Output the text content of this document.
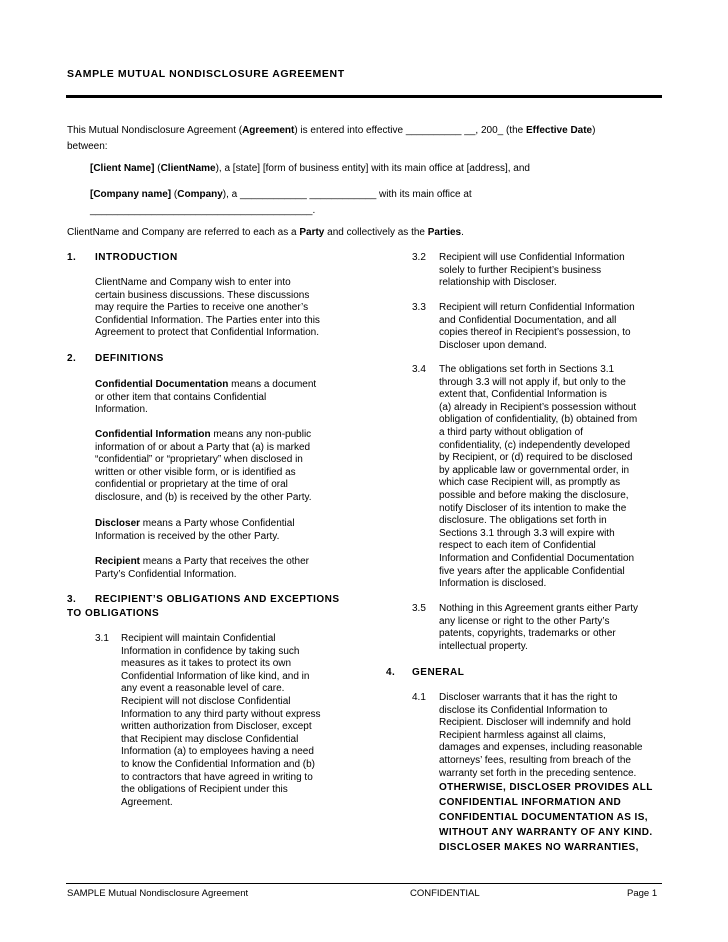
SAMPLE MUTUAL NONDISCLOSURE AGREEMENT
This Mutual Nondisclosure Agreement (Agreement) is entered into effective __________ __, 200_ (the Effective Date)
between:
[Client Name] (ClientName), a [state] [form of business entity] with its main office at [address], and
[Company name] (Company), a ____________ ____________ with its main office at
________________________________________.
ClientName and Company are referred to each as a Party and collectively as the Parties.
1. INTRODUCTION
ClientName and Company wish to enter into
certain business discussions. These discussions
may require the Parties to receive one another’s
Confidential Information. The Parties enter into this
Agreement to protect that Confidential Information.
2. DEFINITIONS
Confidential Documentation means a document
or other item that contains Confidential
Information.
Confidential Information means any non-public
information of or about a Party that (a) is marked
“confidential” or “proprietary” when disclosed in
written or other visible form, or is identified as
confidential or proprietary at the time of oral
disclosure, and (b) is received by the other Party.
Discloser means a Party whose Confidential
Information is received by the other Party.
Recipient means a Party that receives the other
Party’s Confidential Information.
3. RECIPIENT’S OBLIGATIONS AND EXCEPTIONS
TO OBLIGATIONS
3.1 Recipient will maintain Confidential
Information in confidence by taking such
measures as it takes to protect its own
Confidential Information of like kind, and in
any event a reasonable level of care.
Recipient will not disclose Confidential
Information to any third party without express
written authorization from Discloser, except
that Recipient may disclose Confidential
Information (a) to employees having a need
to know the Confidential Information and (b)
to contractors that have agreed in writing to
the obligations of Recipient under this
Agreement.
3.2 Recipient will use Confidential Information
solely to further Recipient’s business
relationship with Discloser.
3.3 Recipient will return Confidential Information
and Confidential Documentation, and all
copies thereof in Recipient’s possession, to
Discloser upon demand.
3.4 The obligations set forth in Sections 3.1
through 3.3 will not apply if, but only to the
extent that, Confidential Information is
(a) already in Recipient’s possession without
obligation of confidentiality, (b) obtained from
a third party without obligation of
confidentiality, (c) independently developed
by Recipient, or (d) required to be disclosed
by applicable law or governmental order, in
which case Recipient will, as promptly as
possible and before making the disclosure,
notify Discloser of its intention to make the
disclosure. The obligations set forth in
Sections 3.1 through 3.3 will expire with
respect to each item of Confidential
Information and Confidential Documentation
five years after the applicable Confidential
Information is disclosed.
3.5 Nothing in this Agreement grants either Party
any license or right to the other Party’s
patents, copyrights, trademarks or other
intellectual property.
4. GENERAL
4.1 Discloser warrants that it has the right to
disclose its Confidential Information to
Recipient. Discloser will indemnify and hold
Recipient harmless against all claims,
damages and expenses, including reasonable
attorneys’ fees, resulting from breach of the
warranty set forth in the preceding sentence.
OTHERWISE, DISCLOSER PROVIDES ALL
CONFIDENTIAL INFORMATION AND
CONFIDENTIAL DOCUMENTATION AS IS,
WITHOUT ANY WARRANTY OF ANY KIND.
DISCLOSER MAKES NO WARRANTIES,
SAMPLE Mutual Nondisclosure Agreement	CONFIDENTIAL	Page 1
